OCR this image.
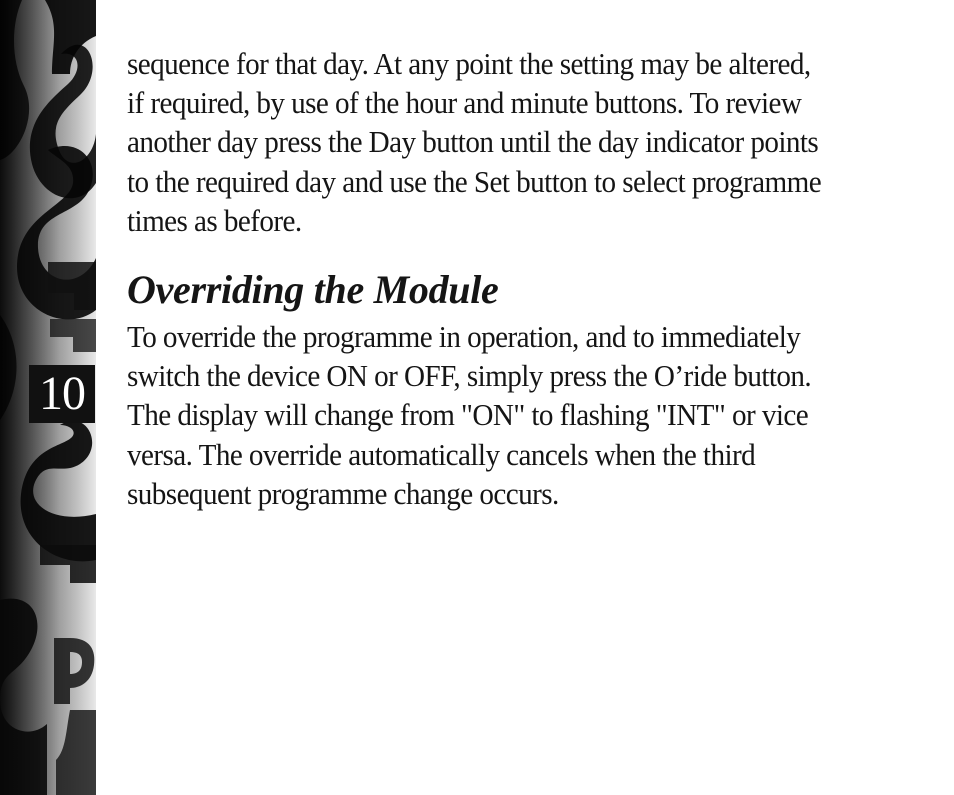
10

sequence for that day. At any point the setting may be altered,
if required, by use of the hour and minute buttons. To review
another day press the Day button until the day indicator points
to the required day and use the Set button to select programme
times as before.

Overriding the Module

To override the programme in operation, and to immediately
switch the device ON or OFF, simply press the O’ride button.
The display will change from "ON" to flashing "INT" or vice
versa. The override automatically cancels when the third
subsequent programme change occurs.
